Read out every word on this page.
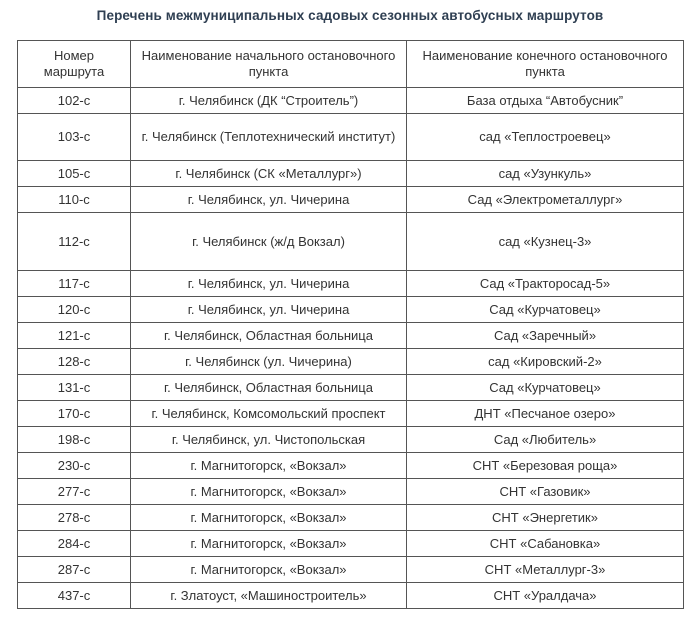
Перечень межмуниципальных садовых сезонных автобусных маршрутов
Номер маршрута	Наименование начального остановочного пункта	Наименование конечного остановочного пункта
102-с	г. Челябинск (ДК “Строитель”)	База отдыха “Автобусник”
103-с	г. Челябинск (Теплотехнический институт)	сад «Теплостроевец»
105-с	г. Челябинск (СК «Металлург»)	сад «Узункуль»
110-с	г. Челябинск, ул. Чичерина	Сад «Электрометаллург»
112-с	г. Челябинск (ж/д Вокзал)	сад «Кузнец-3»
117-с	г. Челябинск, ул. Чичерина	Сад «Тракторосад-5»
120-с	г. Челябинск, ул. Чичерина	Сад «Курчатовец»
121-с	г. Челябинск, Областная больница	Сад «Заречный»
128-с	г. Челябинск (ул. Чичерина)	сад «Кировский-2»
131-с	г. Челябинск, Областная больница	Сад «Курчатовец»
170-с	г. Челябинск, Комсомольский проспект	ДНТ «Песчаное озеро»
198-с	г. Челябинск, ул. Чистопольская	Сад «Любитель»
230-с	г. Магнитогорск, «Вокзал»	СНТ «Березовая роща»
277-с	г. Магнитогорск, «Вокзал»	СНТ «Газовик»
278-с	г. Магнитогорск, «Вокзал»	СНТ «Энергетик»
284-с	г. Магнитогорск, «Вокзал»	СНТ «Сабановка»
287-с	г. Магнитогорск, «Вокзал»	СНТ «Металлург-3»
437-с	г. Златоуст, «Машиностроитель»	СНТ «Уралдача»
